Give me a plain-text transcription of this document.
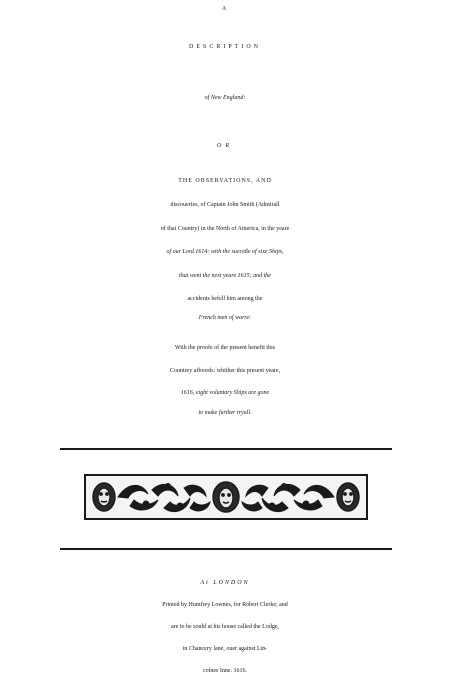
A
DESCRIPTION
of New England:
OR
THE OBSERVATIONS, AND
discoueries, of Captain John Smith (Admirall
of that Country) in the North of America, in the yeare
of our Lord 1614: with the succeße of sixe Ships,
that went the next yeare 1615; and the
accidents befell him among the
French men of warre:
With the proofe of the present benefit this
Countrey affoords: whither this present yeare,
1616, eight voluntary Ships are gone
to make further tryall.
At LONDON
Printed by Humfrey Lownes, for Robert Clerke; and
are to be sould at his house called the Lodge,
in Chancery lane, ouer against Lin-
colnes Inne. 1616.
